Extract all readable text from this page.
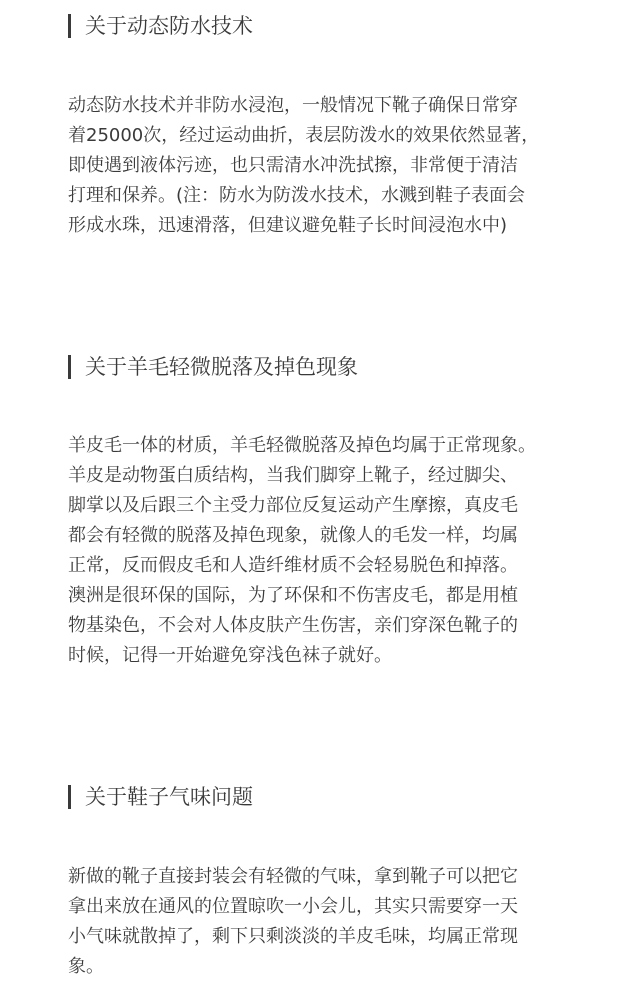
关于动态防水技术

动态防水技术并非防水浸泡，一般情况下靴子确保日常穿
着25000次，经过运动曲折，表层防泼水的效果依然显著，
即使遇到液体污迹，也只需清水冲洗拭擦，非常便于清洁
打理和保养。(注：防水为防泼水技术，水溅到鞋子表面会
形成水珠，迅速滑落，但建议避免鞋子长时间浸泡水中)

关于羊毛轻微脱落及掉色现象

羊皮毛一体的材质，羊毛轻微脱落及掉色均属于正常现象。
羊皮是动物蛋白质结构，当我们脚穿上靴子，经过脚尖、
脚掌以及后跟三个主受力部位反复运动产生摩擦，真皮毛
都会有轻微的脱落及掉色现象，就像人的毛发一样，均属
正常，反而假皮毛和人造纤维材质不会轻易脱色和掉落。
澳洲是很环保的国际，为了环保和不伤害皮毛，都是用植
物基染色，不会对人体皮肤产生伤害，亲们穿深色靴子的
时候，记得一开始避免穿浅色袜子就好。

关于鞋子气味问题

新做的靴子直接封装会有轻微的气味，拿到靴子可以把它
拿出来放在通风的位置晾吹一小会儿，其实只需要穿一天
小气味就散掉了，剩下只剩淡淡的羊皮毛味，均属正常现
象。
